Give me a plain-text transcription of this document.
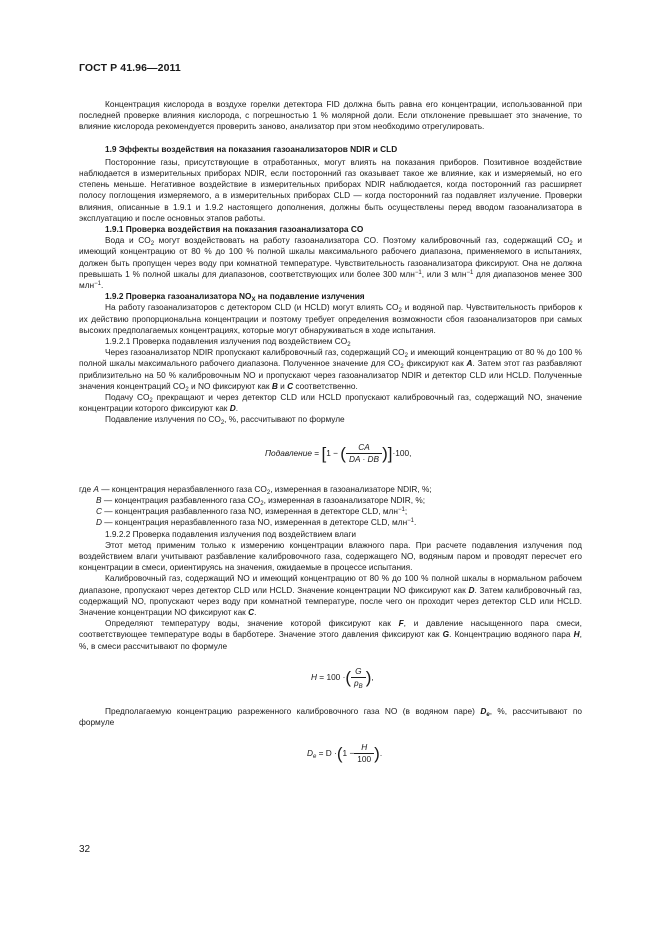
ГОСТ Р 41.96—2011

Концентрация кислорода в воздухе горелки детектора FID должна быть равна его концентрации, использованной при последней проверке влияния кислорода, с погрешностью 1 % молярной доли. Если отклонение превышает это значение, то влияние кислорода рекомендуется проверить заново, анализатор при этом необходимо отрегулировать.

1.9 Эффекты воздействия на показания газоанализаторов NDIR и CLD

Посторонние газы, присутствующие в отработанных, могут влиять на показания приборов. Позитивное воздействие наблюдается в измерительных приборах NDIR, если посторонний газ оказывает такое же влияние, как и измеряемый, но его степень меньше. Негативное воздействие в измерительных приборах NDIR наблюдается, когда посторонний газ расширяет полосу поглощения измеряемого, а в измерительных приборах CLD — когда посторонний газ подавляет излучение. Проверки влияния, описанные в 1.9.1 и 1.9.2 настоящего дополнения, должны быть осуществлены перед вводом газоанализатора в эксплуатацию и после основных этапов работы.

1.9.1 Проверка воздействия на показания газоанализатора CO

Вода и $CO_2$ могут воздействовать на работу газоанализатора CO. Поэтому калибровочный газ, содержащий $CO_2$ и имеющий концентрацию от 80 % до 100 % полной шкалы максимального рабочего диапазона, применяемого в испытаниях, должен быть пропущен через воду при комнатной температуре. Чувствительность газоанализатора фиксируют. Она не должна превышать 1 % полной шкалы для диапазонов, соответствующих или более 300 млн$^{-1}$, или 3 млн$^{-1}$ для диапазонов менее 300 млн$^{-1}$.

1.9.2 Проверка газоанализатора $NO_X$ на подавление излучения

На работу газоанализаторов с детектором CLD (и HCLD) могут влиять $CO_2$ и водяной пар. Чувствительность приборов к их действию пропорциональна концентрации и поэтому требует определения возможности сбоя газоанализаторов при самых высоких предполагаемых концентрациях, которые могут обнаруживаться в ходе испытания.

1.9.2.1 Проверка подавления излучения под воздействием $CO_2$

Через газоанализатор NDIR пропускают калибровочный газ, содержащий $CO_2$ и имеющий концентрацию от 80 % до 100 % полной шкалы максимального рабочего диапазона. Полученное значение для $CO_2$ фиксируют как A. Затем этот газ разбавляют приблизительно на 50 % калибровочным NO и пропускают через газоанализатор NDIR и детектор CLD или HCLD. Полученные значения концентраций $CO_2$ и NO фиксируют как B и C соответственно.

Подачу $CO_2$ прекращают и через детектор CLD или HCLD пропускают калибровочный газ, содержащий NO, значение концентрации которого фиксируют как D.

Подавление излучения по $CO_2$, %, рассчитывают по формуле

Подавление = [1 − ( $\frac{CA}{DA \cdot DB} )]\cdot 100$,

где A — концентрация неразбавленного газа $CO_2$, измеренная в газоанализаторе NDIR, %;

B — концентрация разбавленного газа $CO_2$, измеренная в газоанализаторе NDIR, %;

C — концентрация разбавленного газа NO, измеренная в детекторе CLD, млн$^{-1}$;

D — концентрация неразбавленного газа NO, измеренная в детекторе CLD, млн$^{-1}$.

1.9.2.2 Проверка подавления излучения под воздействием влаги

Этот метод применим только к измерению концентрации влажного пара. При расчете подавления излучения под воздействием влаги учитывают разбавление калибровочного газа, содержащего NO, водяным паром и проводят пересчет его концентрации в смеси, ориентируясь на значения, ожидаемые в процессе испытания.

Калибровочный газ, содержащий NO и имеющий концентрацию от 80 % до 100 % полной шкалы в нормальном рабочем диапазоне, пропускают через детектор CLD или HCLD. Значение концентрации NO фиксируют как D. Затем калибровочный газ, содержащий NO, пропускают через воду при комнатной температуре, после чего он проходит через детектор CLD или HCLD. Значение концентрации NO фиксируют как C.

Определяют температуру воды, значение которой фиксируют как F, и давление насыщенного пара смеси, соответствующее температуре воды в барботере. Значение этого давления фиксируют как G. Концентрацию водяного пара H, %, в смеси рассчитывают по формуле

H = 100 ·( $\frac{G}{p_B}$ ),

Предполагаемую концентрацию разреженного калибровочного газа NO (в водяном паре) $D_e$, %, рассчитывают по формуле

$D_e = D \cdot(1 - \frac{H}{100}$ ).
32
